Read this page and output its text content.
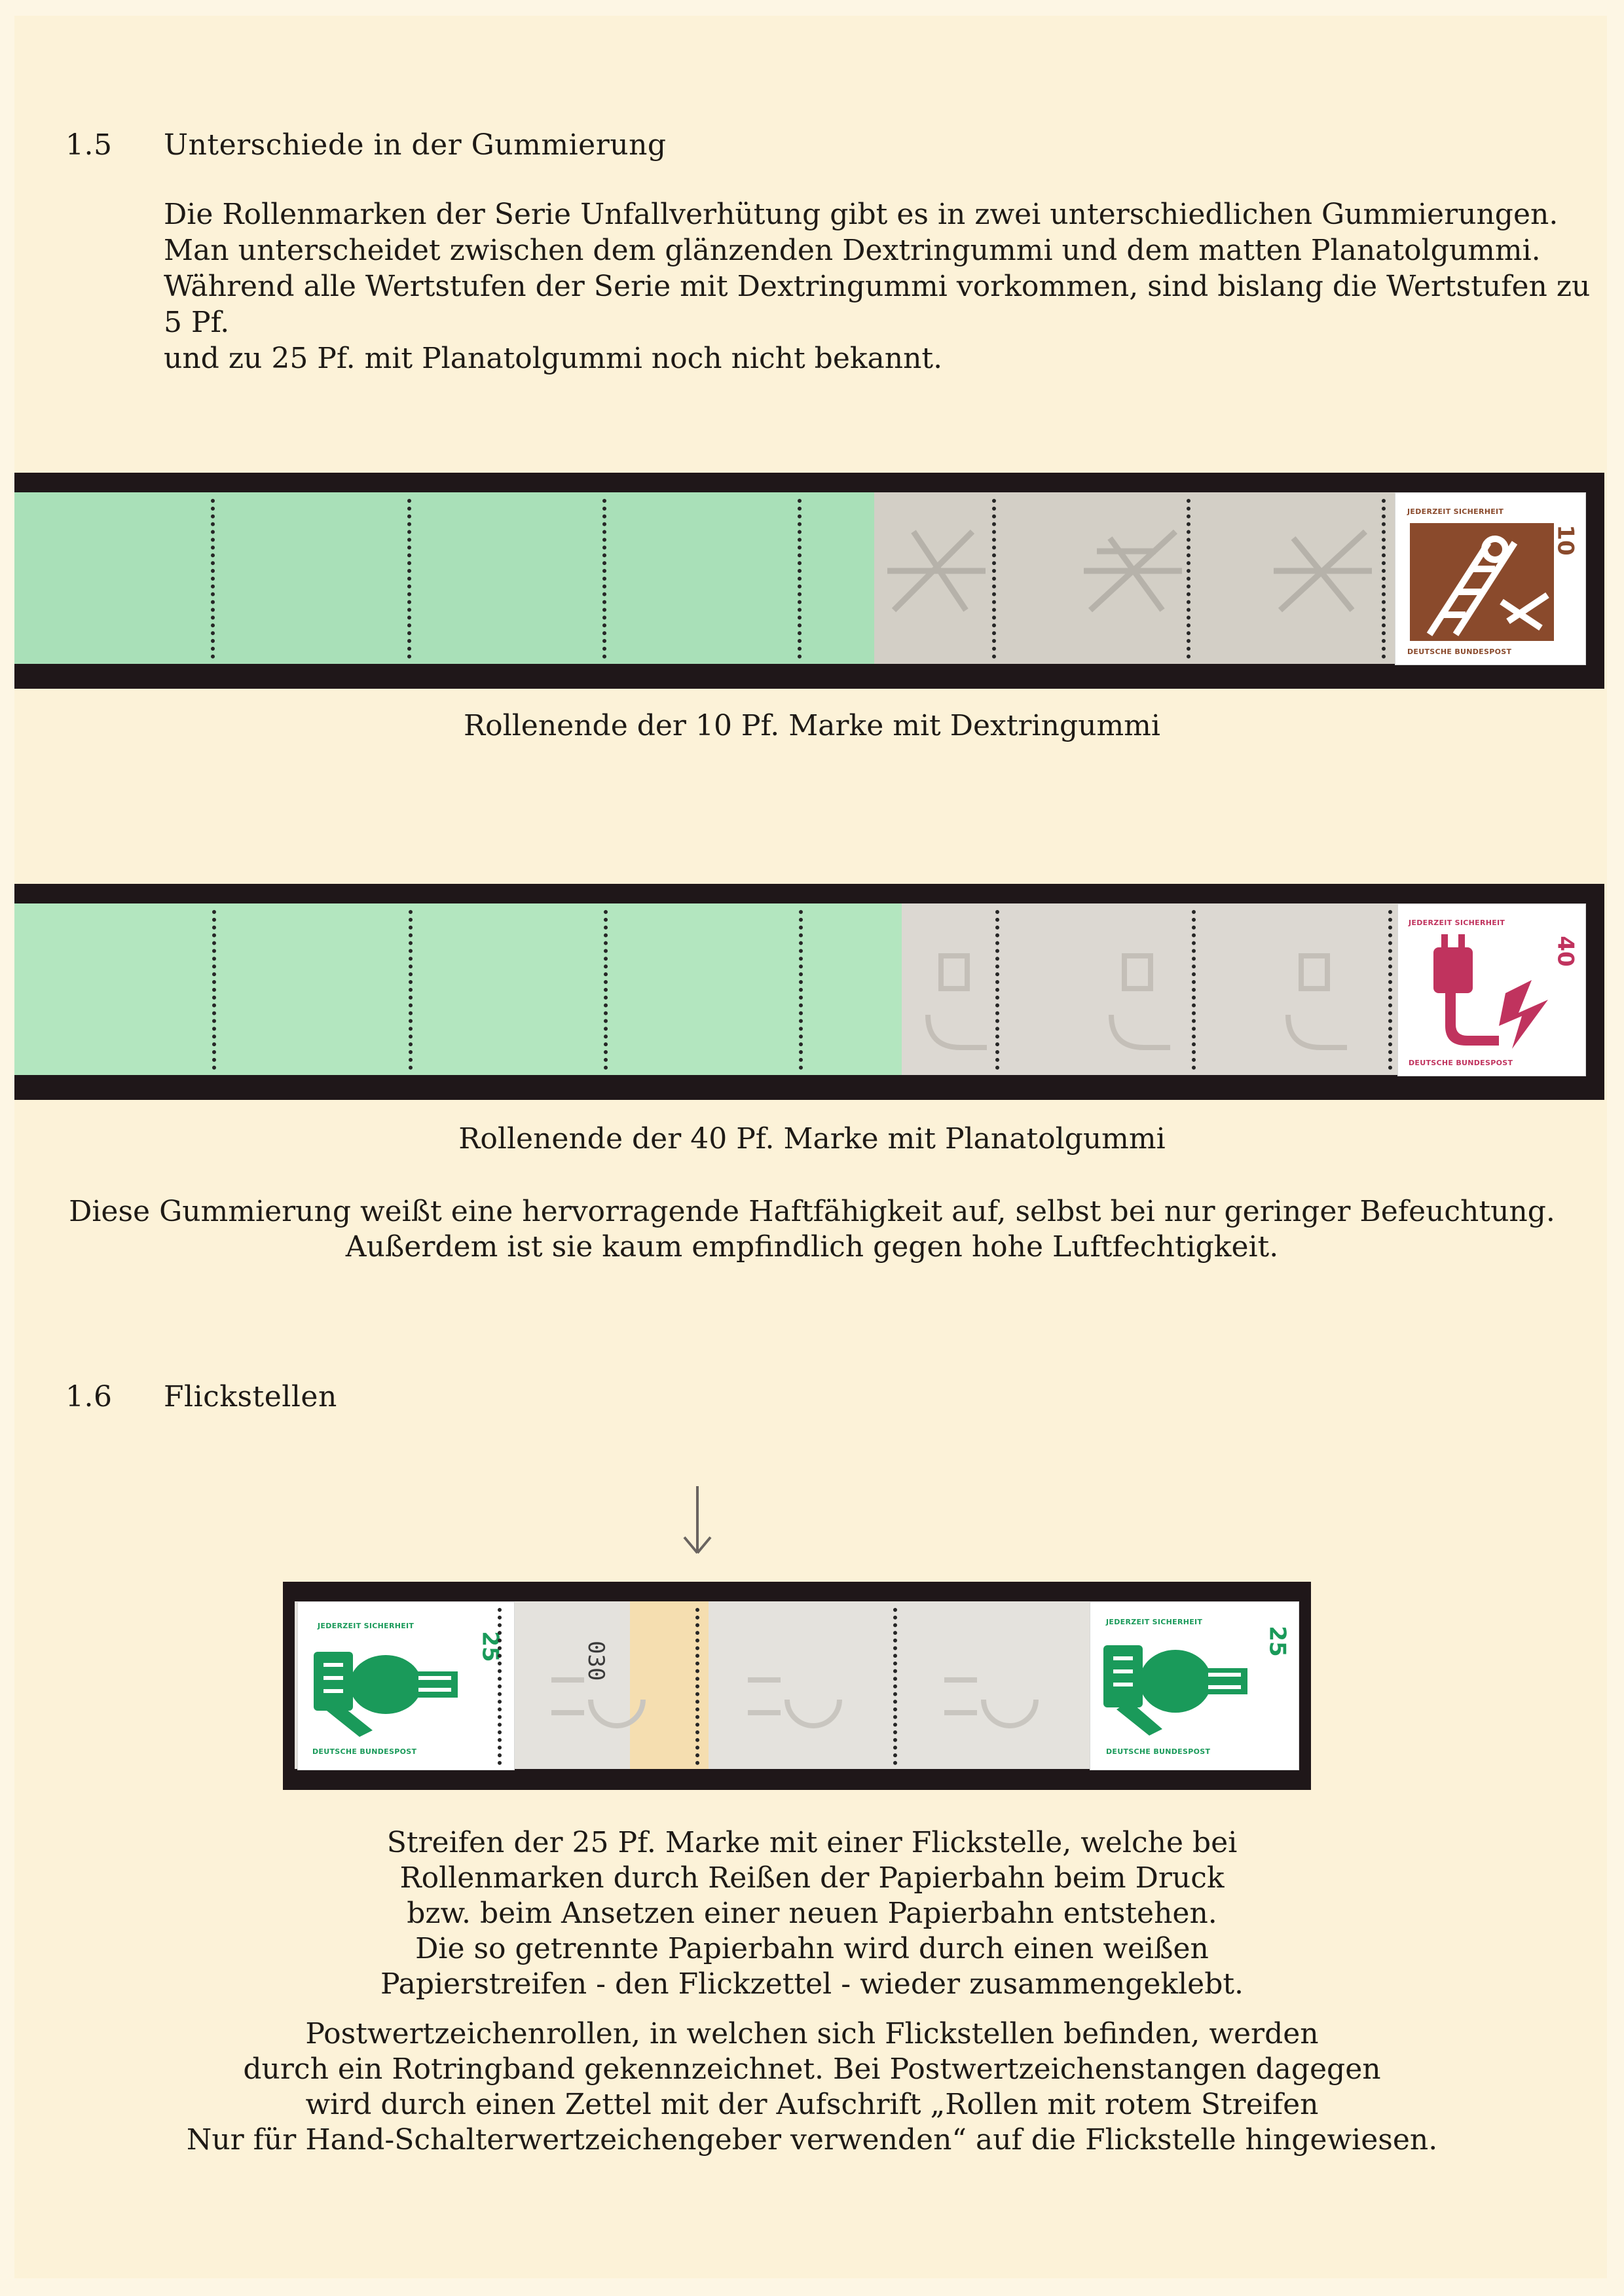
1.5 Unterschiede in der Gummierung
Die Rollenmarken der Serie Unfallverhütung gibt es in zwei unterschiedlichen Gummierungen.
Man unterscheidet zwischen dem glänzenden Dextringummi und dem matten Planatolgummi.
Während alle Wertstufen der Serie mit Dextringummi vorkommen, sind bislang die Wertstufen zu 5 Pf.
und zu 25 Pf. mit Planatolgummi noch nicht bekannt.
JEDERZEIT SICHERHEIT
10
DEUTSCHE BUNDESPOST
Rollenende der 10 Pf. Marke mit Dextringummi
JEDERZEIT SICHERHEIT
40
DEUTSCHE BUNDESPOST
Rollenende der 40 Pf. Marke mit Planatolgummi
Diese Gummierung weißt eine hervorragende Haftfähigkeit auf, selbst bei nur geringer Befeuchtung.
Außerdem ist sie kaum empfindlich gegen hohe Luftfechtigkeit.
1.6 Flickstellen
JEDERZEIT SICHERHEIT
25
DEUTSCHE BUNDESPOST
030
JEDERZEIT SICHERHEIT
25
DEUTSCHE BUNDESPOST
Streifen der 25 Pf. Marke mit einer Flickstelle, welche bei
Rollenmarken durch Reißen der Papierbahn beim Druck
bzw. beim Ansetzen einer neuen Papierbahn entstehen.
Die so getrennte Papierbahn wird durch einen weißen
Papierstreifen - den Flickzettel - wieder zusammengeklebt.
Postwertzeichenrollen, in welchen sich Flickstellen befinden, werden
durch ein Rotringband gekennzeichnet. Bei Postwertzeichenstangen dagegen
wird durch einen Zettel mit der Aufschrift „Rollen mit rotem Streifen
Nur für Hand-Schalterwertzeichengeber verwenden“ auf die Flickstelle hingewiesen.
